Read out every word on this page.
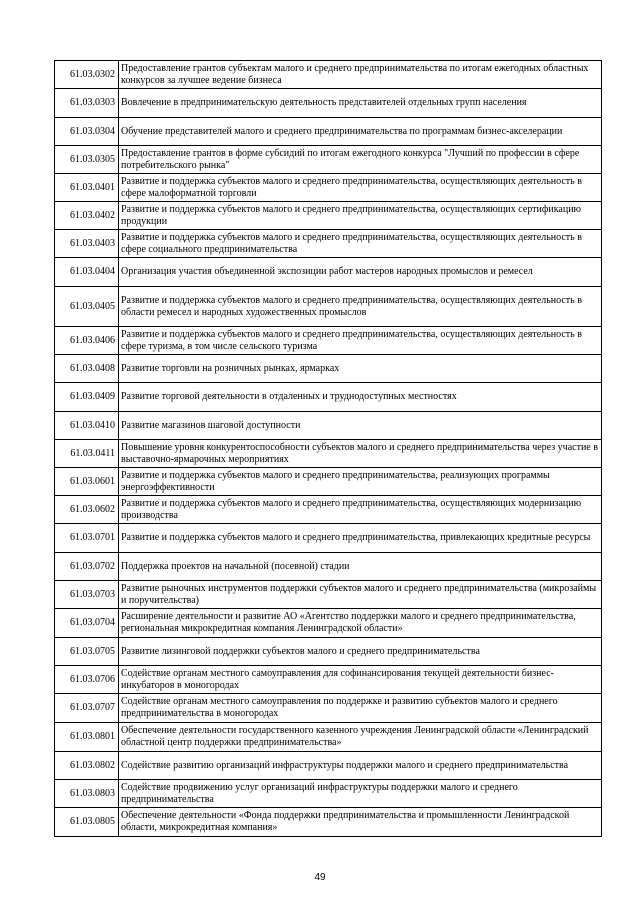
61.03.0302	Предоставление грантов субъектам малого и среднего предпринимательства по итогам ежегодных областных конкурсов за лучшее ведение бизнеса
61.03.0303	Вовлечение в предпринимательскую деятельность представителей отдельных групп населения
61.03.0304	Обучение представителей малого и среднего предпринимательства по программам бизнес-акселерации
61.03.0305	Предоставление грантов в форме субсидий по итогам ежегодного конкурса "Лучший по профессии в сфере потребительского рынка"
61.03.0401	Развитие и поддержка субъектов малого и среднего предпринимательства, осуществляющих деятельность в сфере малоформатной торговли
61.03.0402	Развитие и поддержка субъектов малого и среднего предпринимательства, осуществляющих сертификацию продукции
61.03.0403	Развитие и поддержка субъектов малого и среднего предпринимательства, осуществляющих деятельность в сфере социального предпринимательства
61.03.0404	Организация участия объединенной экспозиции работ мастеров народных промыслов и ремесел
61.03.0405	Развитие и поддержка субъектов малого и среднего предпринимательства, осуществляющих деятельность в области ремесел и народных художественных промыслов
61.03.0406	Развитие и поддержка субъектов малого и среднего предпринимательства, осуществляющих деятельность в сфере туризма, в том числе сельского туризма
61.03.0408	Развитие торговли на розничных рынках, ярмарках
61.03.0409	Развитие торговой деятельности в отдаленных и труднодоступных местностях
61.03.0410	Развитие магазинов шаговой доступности
61.03.0411	Повышение уровня конкурентоспособности субъектов малого и среднего предпринимательства через участие в выставочно-ярмарочных мероприятиях
61.03.0601	Развитие и поддержка субъектов малого и среднего предпринимательства, реализующих программы энергоэффективности
61.03.0602	Развитие и поддержка субъектов малого и среднего предпринимательства, осуществляющих модернизацию производства
61.03.0701	Развитие и поддержка субъектов малого и среднего предпринимательства, привлекающих кредитные ресурсы
61.03.0702	Поддержка проектов на начальной (посевной) стадии
61.03.0703	Развитие рыночных инструментов поддержки субъектов малого и среднего предпринимательства (микрозаймы и поручительства)
61.03.0704	Расширение деятельности и развитие АО «Агентство поддержки малого и среднего предпринимательства, региональная микрокредитная компания Ленинградской области»
61.03.0705	Развитие лизинговой поддержки субъектов малого и среднего предпринимательства
61.03.0706	Содействие органам местного самоуправления для софинансирования текущей деятельности бизнес-инкубаторов в моногородах
61.03.0707	Содействие органам местного самоуправления по поддержке и развитию субъектов малого и среднего предпринимательства в моногородах
61.03.0801	Обеспечение деятельности государственного казенного учреждения Ленинградской области «Ленинградский областной центр поддержки предпринимательства»
61.03.0802	Содействие развитию организаций инфраструктуры поддержки малого и среднего предпринимательства
61.03.0803	Содействие продвижению услуг организаций инфраструктуры поддержки малого и среднего предпринимательства
61.03.0805	Обеспечение деятельности «Фонда поддержки предпринимательства и промышленности Ленинградской области, микрокредитная компания»
49
